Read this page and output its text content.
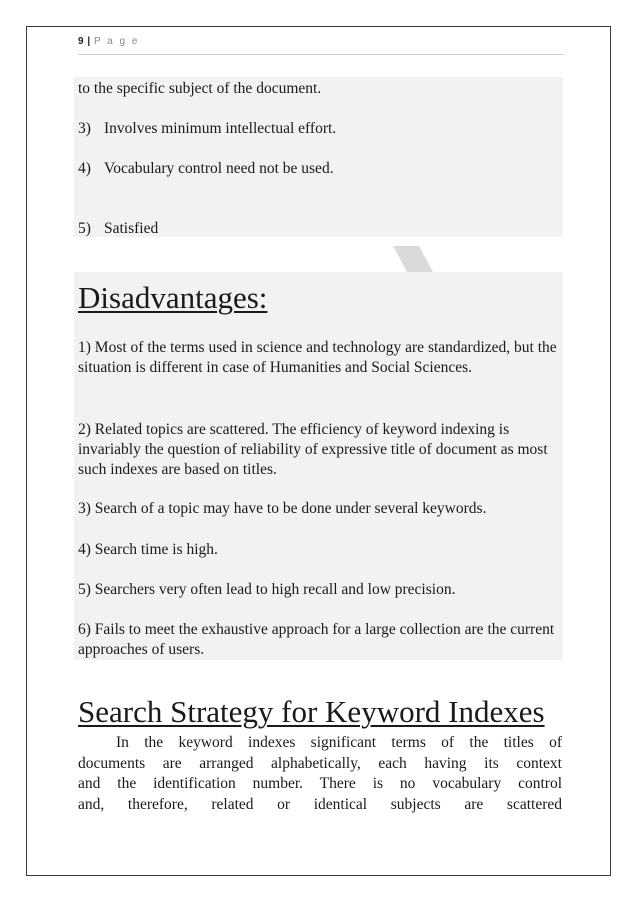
9 | P a g e
to the specific subject of the document.
3) Involves minimum intellectual effort.
4) Vocabulary control need not be used.
5) Satisfied
Disadvantages:
1) Most of the terms used in science and technology are standardized, but the situation is different in case of Humanities and Social Sciences.
2) Related topics are scattered. The efficiency of keyword indexing is invariably the question of reliability of expressive title of document as most such indexes are based on titles.
3) Search of a topic may have to be done under several keywords.
4) Search time is high.
5) Searchers very often lead to high recall and low precision.
6) Fails to meet the exhaustive approach for a large collection are the current approaches of users.
Search Strategy for Keyword Indexes
In the keyword indexes significant terms of the titles of
documents are arranged alphabetically, each having its context
and the identification number. There is no vocabulary control
and, therefore, related or identical subjects are scattered
